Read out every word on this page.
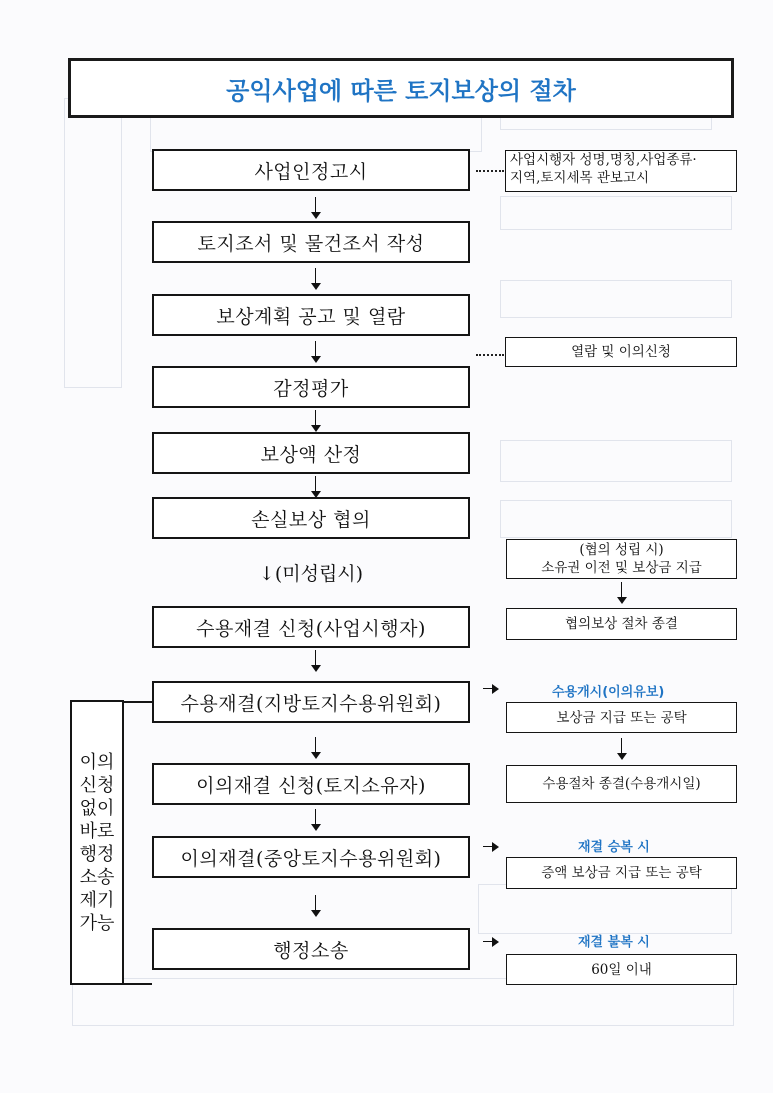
공익사업에 따른 토지보상의 절차
사업인정고시
토지조서 및 물건조서 작성
보상계획 공고 및 열람
감정평가
보상액 산정
손실보상 협의
↓(미성립시)
수용재결 신청(사업시행자)
수용재결(지방토지수용위원회)
이의재결 신청(토지소유자)
이의재결(중앙토지수용위원회)
행정소송
사업시행자 성명,명칭,사업종류·
지역,토지세목 관보고시
열람 및 이의신청
(협의 성립 시)
소유권 이전 및 보상금 지급
협의보상 절차 종결
수용개시(이의유보)
보상금 지급 또는 공탁
수용절차 종결(수용개시일)
재결 승복 시
증액 보상금 지급 또는 공탁
재결 불복 시
60일 이내
이의신청없이바로행정소송제기가능
